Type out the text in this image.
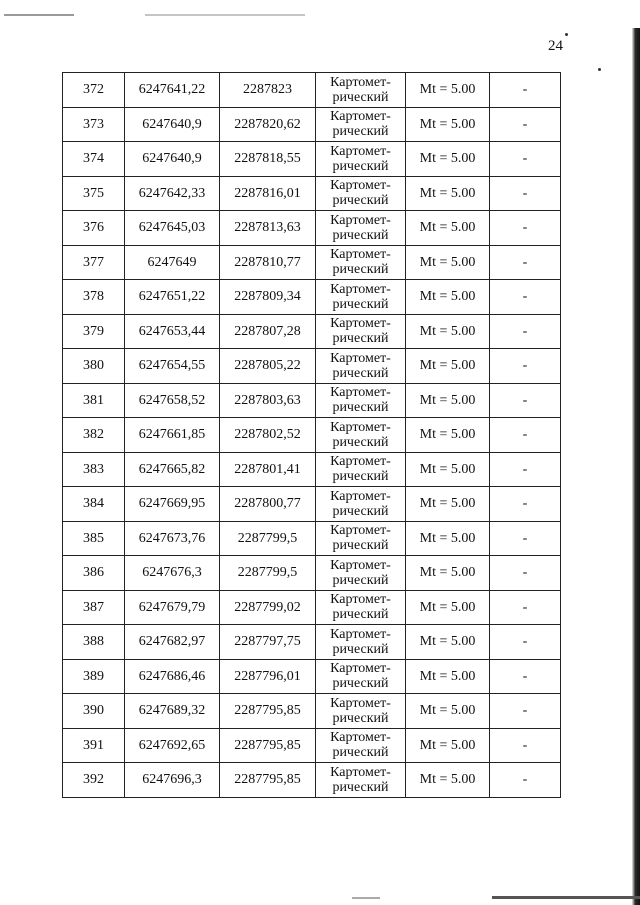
24
372	6247641,22	2287823	Картомет-
рический	Mt = 5.00	-
373	6247640,9	2287820,62	Картомет-
рический	Mt = 5.00	-
374	6247640,9	2287818,55	Картомет-
рический	Mt = 5.00	-
375	6247642,33	2287816,01	Картомет-
рический	Mt = 5.00	-
376	6247645,03	2287813,63	Картомет-
рический	Mt = 5.00	-
377	6247649	2287810,77	Картомет-
рический	Mt = 5.00	-
378	6247651,22	2287809,34	Картомет-
рический	Mt = 5.00	-
379	6247653,44	2287807,28	Картомет-
рический	Mt = 5.00	-
380	6247654,55	2287805,22	Картомет-
рический	Mt = 5.00	-
381	6247658,52	2287803,63	Картомет-
рический	Mt = 5.00	-
382	6247661,85	2287802,52	Картомет-
рический	Mt = 5.00	-
383	6247665,82	2287801,41	Картомет-
рический	Mt = 5.00	-
384	6247669,95	2287800,77	Картомет-
рический	Mt = 5.00	-
385	6247673,76	2287799,5	Картомет-
рический	Mt = 5.00	-
386	6247676,3	2287799,5	Картомет-
рический	Mt = 5.00	-
387	6247679,79	2287799,02	Картомет-
рический	Mt = 5.00	-
388	6247682,97	2287797,75	Картомет-
рический	Mt = 5.00	-
389	6247686,46	2287796,01	Картомет-
рический	Mt = 5.00	-
390	6247689,32	2287795,85	Картомет-
рический	Mt = 5.00	-
391	6247692,65	2287795,85	Картомет-
рический	Mt = 5.00	-
392	6247696,3	2287795,85	Картомет-
рический	Mt = 5.00	-
